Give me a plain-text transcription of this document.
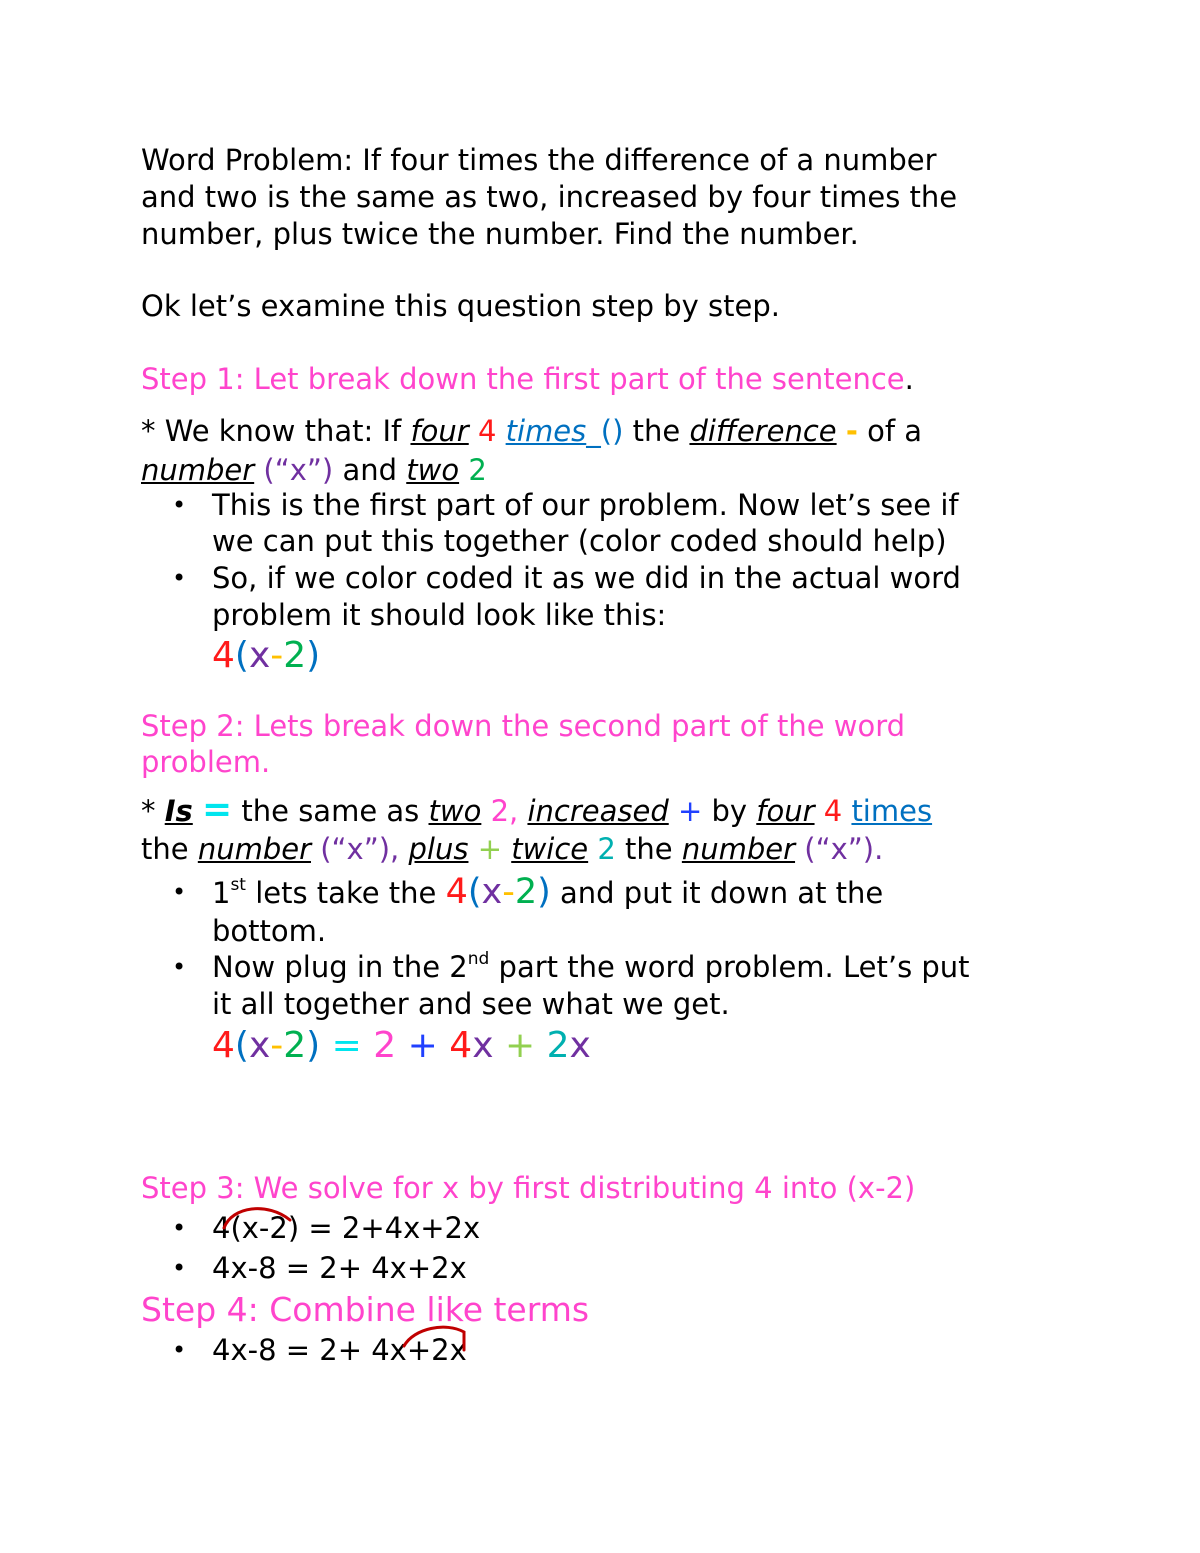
Word Problem: If four times the difference of a number
and two is the same as two, increased by four times the
number, plus twice the number. Find the number.
Ok let’s examine this question step by step.
Step 1: Let break down the first part of the sentence.
* We know that: If four 4 times_() the difference - of a
number (“x”) and two 2
• This is the first part of our problem. Now let’s see if
we can put this together (color coded should help)
• So, if we color coded it as we did in the actual word
problem it should look like this:
4(x-2)
Step 2: Lets break down the second part of the word
problem.
* Is = the same as two 2, increased + by four 4 times
the number (“x”), plus + twice 2 the number (“x”).
• 1st lets take the 4(x-2) and put it down at the
bottom.
• Now plug in the 2nd part the word problem. Let’s put
it all together and see what we get.
4(x-2) = 2 + 4x + 2x
Step 3: We solve for x by first distributing 4 into (x-2)
• 4(x-2) = 2+4x+2x
• 4x-8 = 2+ 4x+2x
Step 4: Combine like terms
• 4x-8 = 2+ 4x+2x
